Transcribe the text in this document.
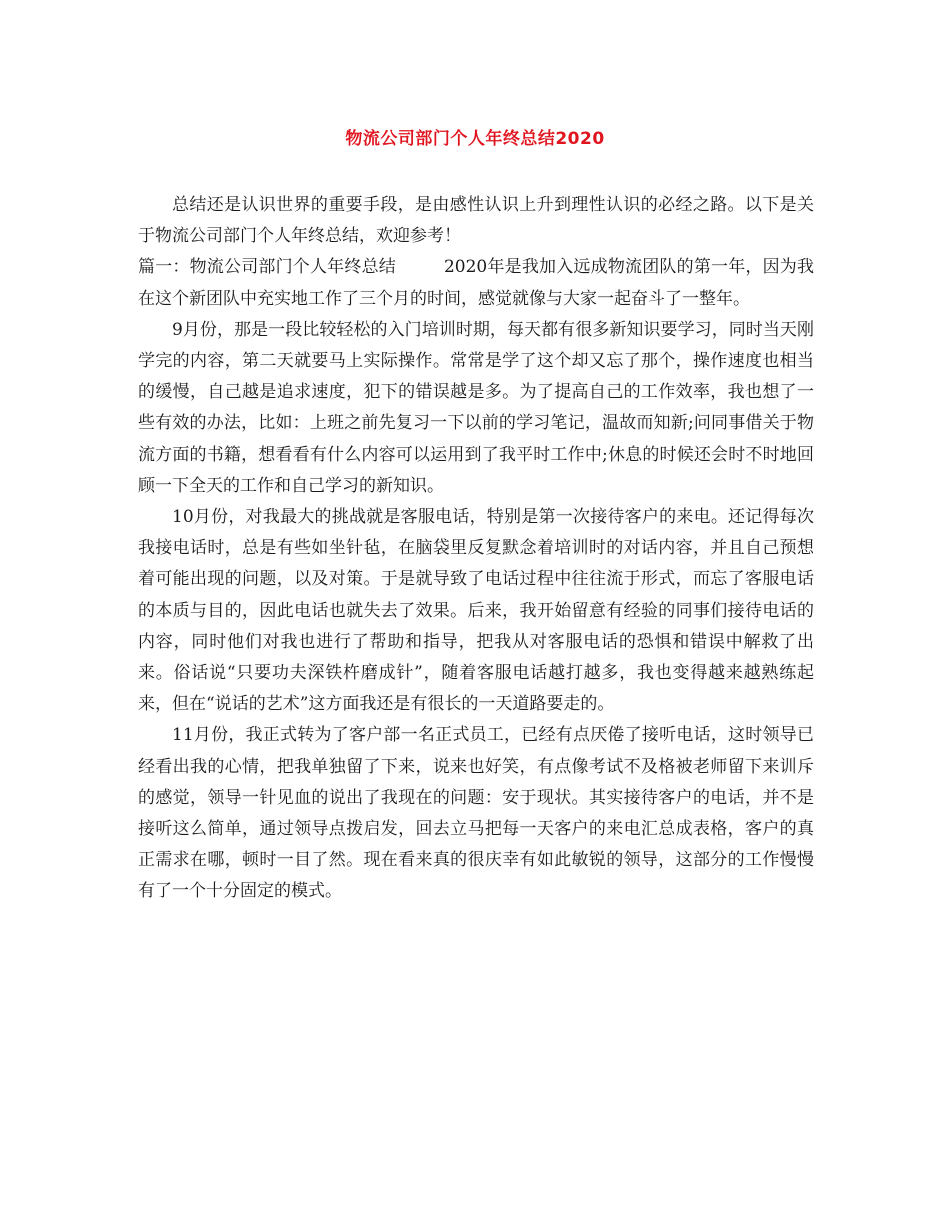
物流公司部门个人年终总结2020

总结还是认识世界的重要手段，是由感性认识上升到理性认识的必经之路。以下是关于物流公司部门个人年终总结，欢迎参考！

篇一：物流公司部门个人年终总结	2020年是我加入远成物流团队的第一年，因为我在这个新团队中充实地工作了三个月的时间，感觉就像与大家一起奋斗了一整年。

9月份，那是一段比较轻松的入门培训时期，每天都有很多新知识要学习，同时当天刚学完的内容，第二天就要马上实际操作。常常是学了这个却又忘了那个，操作速度也相当的缓慢，自己越是追求速度，犯下的错误越是多。为了提高自己的工作效率，我也想了一些有效的办法，比如：上班之前先复习一下以前的学习笔记，温故而知新;问同事借关于物流方面的书籍，想看看有什么内容可以运用到了我平时工作中;休息的时候还会时不时地回顾一下全天的工作和自己学习的新知识。

10月份，对我最大的挑战就是客服电话，特别是第一次接待客户的来电。还记得每次我接电话时，总是有些如坐针毡，在脑袋里反复默念着培训时的对话内容，并且自己预想着可能出现的问题，以及对策。于是就导致了电话过程中往往流于形式，而忘了客服电话的本质与目的，因此电话也就失去了效果。后来，我开始留意有经验的同事们接待电话的内容，同时他们对我也进行了帮助和指导，把我从对客服电话的恐惧和错误中解救了出来。俗话说“只要功夫深铁杵磨成针”，随着客服电话越打越多，我也变得越来越熟练起来，但在“说话的艺术”这方面我还是有很长的一天道路要走的。

11月份，我正式转为了客户部一名正式员工，已经有点厌倦了接听电话，这时领导已经看出我的心情，把我单独留了下来，说来也好笑，有点像考试不及格被老师留下来训斥的感觉，领导一针见血的说出了我现在的问题：安于现状。其实接待客户的电话，并不是接听这么简单，通过领导点拨启发，回去立马把每一天客户的来电汇总成表格，客户的真正需求在哪，顿时一目了然。现在看来真的很庆幸有如此敏锐的领导，这部分的工作慢慢有了一个十分固定的模式。
